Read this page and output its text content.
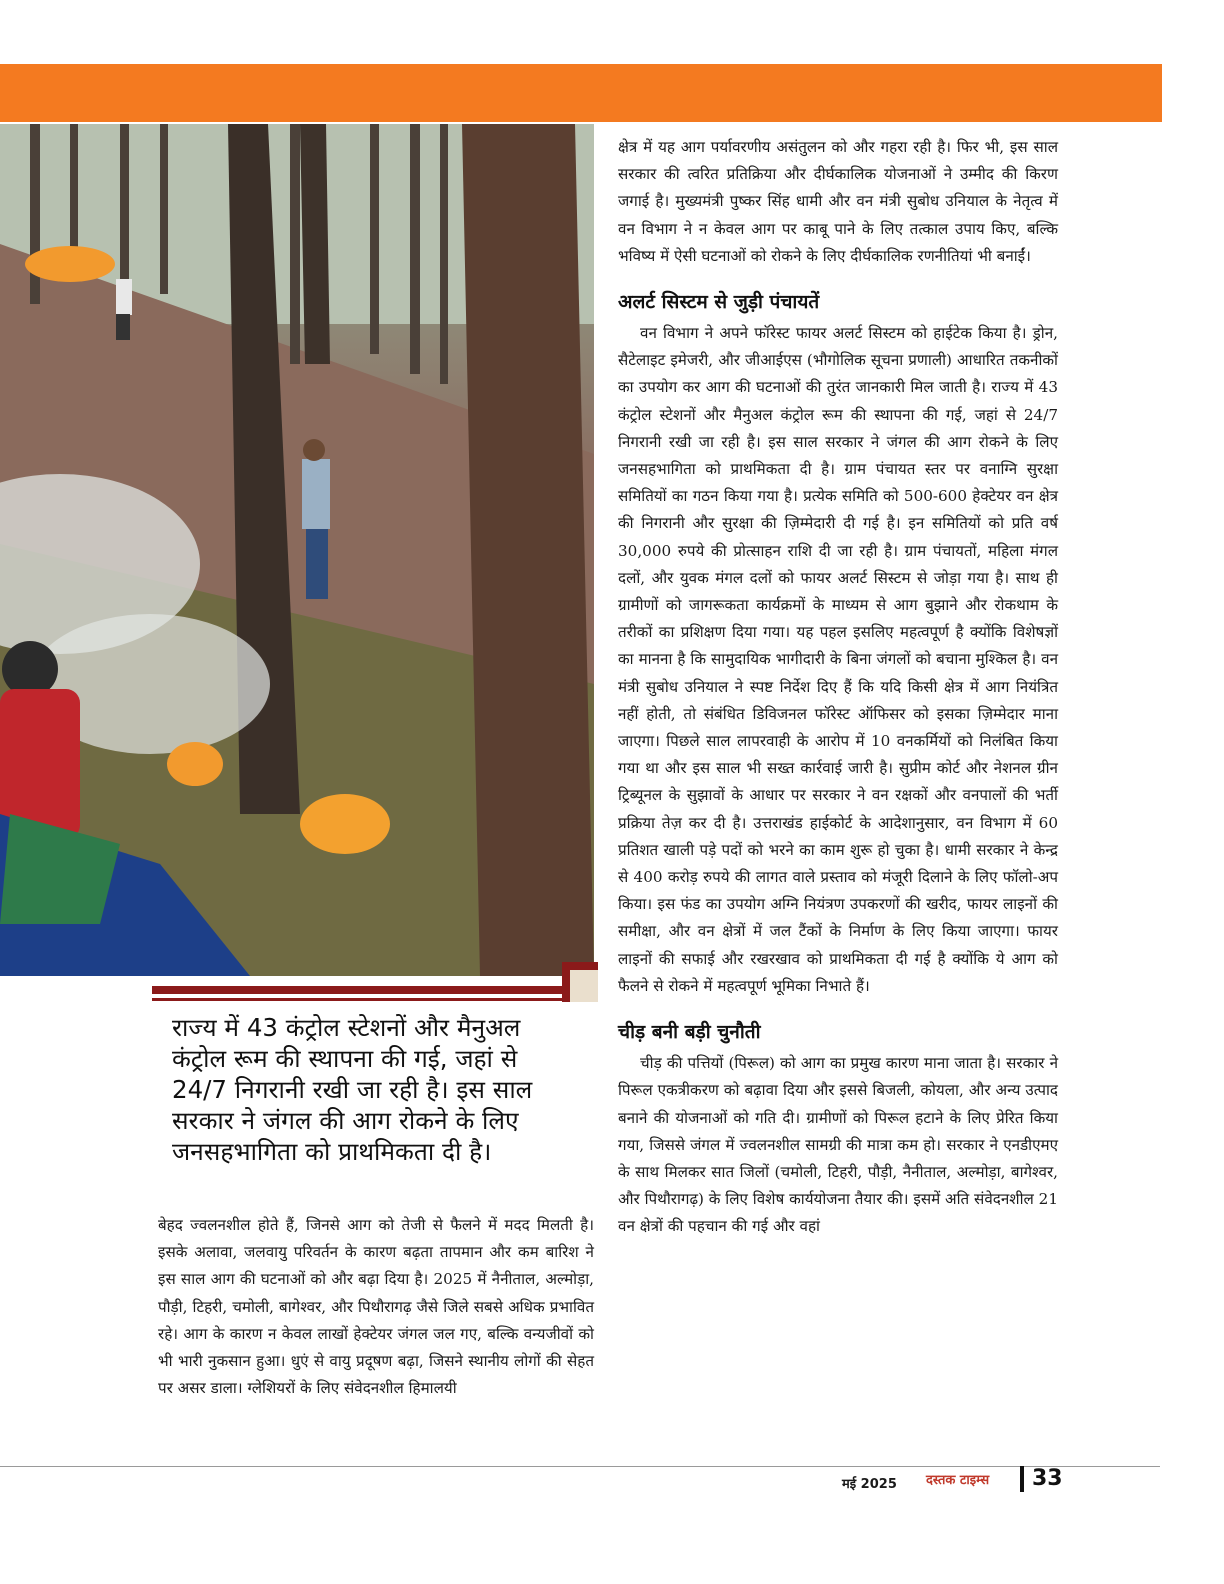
राज्य में 43 कंट्रोल स्टेशनों और मैनुअल कंट्रोल रूम की स्थापना की गई, जहां से 24/7 निगरानी रखी जा रही है। इस साल सरकार ने जंगल की आग रोकने के लिए जनसहभागिता को प्राथमिकता दी है।

बेहद ज्वलनशील होते हैं, जिनसे आग को तेजी से फैलने में मदद मिलती है। इसके अलावा, जलवायु परिवर्तन के कारण बढ़ता तापमान और कम बारिश ने इस साल आग की घटनाओं को और बढ़ा दिया है। 2025 में नैनीताल, अल्मोड़ा, पौड़ी, टिहरी, चमोली, बागेश्वर, और पिथौरागढ़ जैसे जिले सबसे अधिक प्रभावित रहे। आग के कारण न केवल लाखों हेक्टेयर जंगल जल गए, बल्कि वन्यजीवों को भी भारी नुकसान हुआ। धुएं से वायु प्रदूषण बढ़ा, जिसने स्थानीय लोगों की सेहत पर असर डाला। ग्लेशियरों के लिए संवेदनशील हिमालयी

क्षेत्र में यह आग पर्यावरणीय असंतुलन को और गहरा रही है। फिर भी, इस साल सरकार की त्वरित प्रतिक्रिया और दीर्घकालिक योजनाओं ने उम्मीद की किरण जगाई है। मुख्यमंत्री पुष्कर सिंह धामी और वन मंत्री सुबोध उनियाल के नेतृत्व में वन विभाग ने न केवल आग पर काबू पाने के लिए तत्काल उपाय किए, बल्कि भविष्य में ऐसी घटनाओं को रोकने के लिए दीर्घकालिक रणनीतियां भी बनाईं।

अलर्ट सिस्टम से जुड़ी पंचायतें

वन विभाग ने अपने फॉरेस्ट फायर अलर्ट सिस्टम को हाईटेक किया है। ड्रोन, सैटेलाइट इमेजरी, और जीआईएस (भौगोलिक सूचना प्रणाली) आधारित तकनीकों का उपयोग कर आग की घटनाओं की तुरंत जानकारी मिल जाती है। राज्य में 43 कंट्रोल स्टेशनों और मैनुअल कंट्रोल रूम की स्थापना की गई, जहां से 24/7 निगरानी रखी जा रही है। इस साल सरकार ने जंगल की आग रोकने के लिए जनसहभागिता को प्राथमिकता दी है। ग्राम पंचायत स्तर पर वनाग्नि सुरक्षा समितियों का गठन किया गया है। प्रत्येक समिति को 500-600 हेक्टेयर वन क्षेत्र की निगरानी और सुरक्षा की ज़िम्मेदारी दी गई है। इन समितियों को प्रति वर्ष 30,000 रुपये की प्रोत्साहन राशि दी जा रही है। ग्राम पंचायतों, महिला मंगल दलों, और युवक मंगल दलों को फायर अलर्ट सिस्टम से जोड़ा गया है। साथ ही ग्रामीणों को जागरूकता कार्यक्रमों के माध्यम से आग बुझाने और रोकथाम के तरीकों का प्रशिक्षण दिया गया। यह पहल इसलिए महत्वपूर्ण है क्योंकि विशेषज्ञों का मानना है कि सामुदायिक भागीदारी के बिना जंगलों को बचाना मुश्किल है। वन मंत्री सुबोध उनियाल ने स्पष्ट निर्देश दिए हैं कि यदि किसी क्षेत्र में आग नियंत्रित नहीं होती, तो संबंधित डिविजनल फॉरेस्ट ऑफिसर को इसका ज़िम्मेदार माना जाएगा। पिछले साल लापरवाही के आरोप में 10 वनकर्मियों को निलंबित किया गया था और इस साल भी सख्त कार्रवाई जारी है। सुप्रीम कोर्ट और नेशनल ग्रीन ट्रिब्यूनल के सुझावों के आधार पर सरकार ने वन रक्षकों और वनपालों की भर्ती प्रक्रिया तेज़ कर दी है। उत्तराखंड हाईकोर्ट के आदेशानुसार, वन विभाग में 60 प्रतिशत खाली पड़े पदों को भरने का काम शुरू हो चुका है। धामी सरकार ने केन्द्र से 400 करोड़ रुपये की लागत वाले प्रस्ताव को मंजूरी दिलाने के लिए फॉलो-अप किया। इस फंड का उपयोग अग्नि नियंत्रण उपकरणों की खरीद, फायर लाइनों की समीक्षा, और वन क्षेत्रों में जल टैंकों के निर्माण के लिए किया जाएगा। फायर लाइनों की सफाई और रखरखाव को प्राथमिकता दी गई है क्योंकि ये आग को फैलने से रोकने में महत्वपूर्ण भूमिका निभाते हैं।

चीड़ बनी बड़ी चुनौती

चीड़ की पत्तियों (पिरूल) को आग का प्रमुख कारण माना जाता है। सरकार ने पिरूल एकत्रीकरण को बढ़ावा दिया और इससे बिजली, कोयला, और अन्य उत्पाद बनाने की योजनाओं को गति दी। ग्रामीणों को पिरूल हटाने के लिए प्रेरित किया गया, जिससे जंगल में ज्वलनशील सामग्री की मात्रा कम हो। सरकार ने एनडीएमए के साथ मिलकर सात जिलों (चमोली, टिहरी, पौड़ी, नैनीताल, अल्मोड़ा, बागेश्वर, और पिथौरागढ़) के लिए विशेष कार्ययोजना तैयार की। इसमें अति संवेदनशील 21 वन क्षेत्रों की पहचान की गई और वहां

मई 2025 दस्तक टाइम्स 33
